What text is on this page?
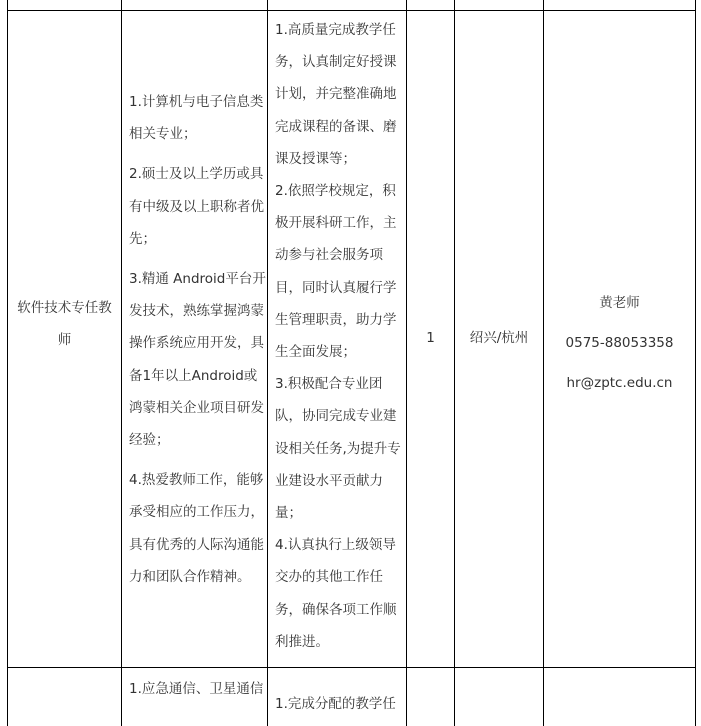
软件技术专任教
师
1.计算机与电子信息类
相关专业；
2.硕士及以上学历或具
有中级及以上职称者优
先；
3.精通 Android平台开
发技术，熟练掌握鸿蒙
操作系统应用开发，具
备1年以上Android或
鸿蒙相关企业项目研发
经验；
4.热爱教师工作，能够
承受相应的工作压力，
具有优秀的人际沟通能
力和团队合作精神。
1.高质量完成教学任
务，认真制定好授课
计划，并完整准确地
完成课程的备课、磨
课及授课等；
2.依照学校规定，积
极开展科研工作，主
动参与社会服务项
目，同时认真履行学
生管理职责，助力学
生全面发展；
3.积极配合专业团
队，协同完成专业建
设相关任务,为提升专
业建设水平贡献力
量；
4.认真执行上级领导
交办的其他工作任
务，确保各项工作顺
利推进。
1	绍兴/杭州
黄老师
0575-88053358
hr@zptc.edu.cn
1.应急通信、卫星通信
1.完成分配的教学任
